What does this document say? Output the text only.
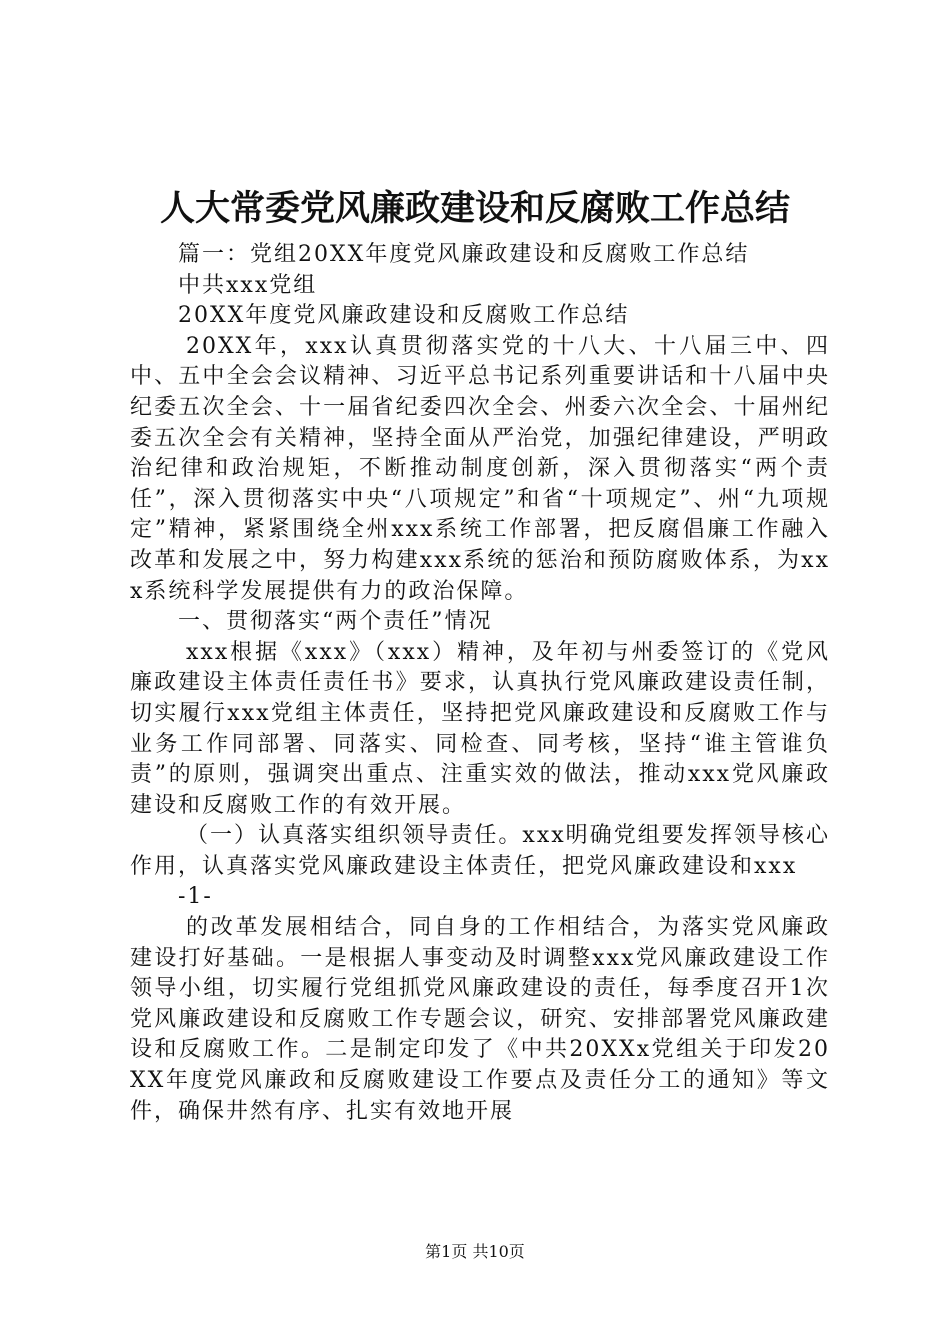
人大常委党风廉政建设和反腐败工作总结

篇一：党组20XX年度党风廉政建设和反腐败工作总结

中共xxx党组

20XX年度党风廉政建设和反腐败工作总结

20XX年，xxx认真贯彻落实党的十八大、十八届三中、四中、五中全会会议精神、习近平总书记系列重要讲话和十八届中央纪委五次全会、十一届省纪委四次全会、州委六次全会、十届州纪委五次全会有关精神，坚持全面从严治党，加强纪律建设，严明政治纪律和政治规矩，不断推动制度创新，深入贯彻落实“两个责任”，深入贯彻落实中央“八项规定”和省“十项规定”、州“九项规定”精神，紧紧围绕全州xxx系统工作部署，把反腐倡廉工作融入改革和发展之中，努力构建xxx系统的惩治和预防腐败体系，为xxx系统科学发展提供有力的政治保障。

一、贯彻落实“两个责任”情况

xxx根据《xxx》（xxx）精神，及年初与州委签订的《党风廉政建设主体责任责任书》要求，认真执行党风廉政建设责任制，切实履行xxx党组主体责任，坚持把党风廉政建设和反腐败工作与业务工作同部署、同落实、同检查、同考核，坚持“谁主管谁负责”的原则，强调突出重点、注重实效的做法，推动xxx党风廉政建设和反腐败工作的有效开展。

（一）认真落实组织领导责任。xxx明确党组要发挥领导核心作用，认真落实党风廉政建设主体责任，把党风廉政建设和xxx

-1-

的改革发展相结合，同自身的工作相结合，为落实党风廉政建设打好基础。一是根据人事变动及时调整xxx党风廉政建设工作领导小组，切实履行党组抓党风廉政建设的责任，每季度召开1次党风廉政建设和反腐败工作专题会议，研究、安排部署党风廉政建设和反腐败工作。二是制定印发了《中共20XXx党组关于印发20XX年度党风廉政和反腐败建设工作要点及责任分工的通知》等文件，确保井然有序、扎实有效地开展

第1页 共10页
